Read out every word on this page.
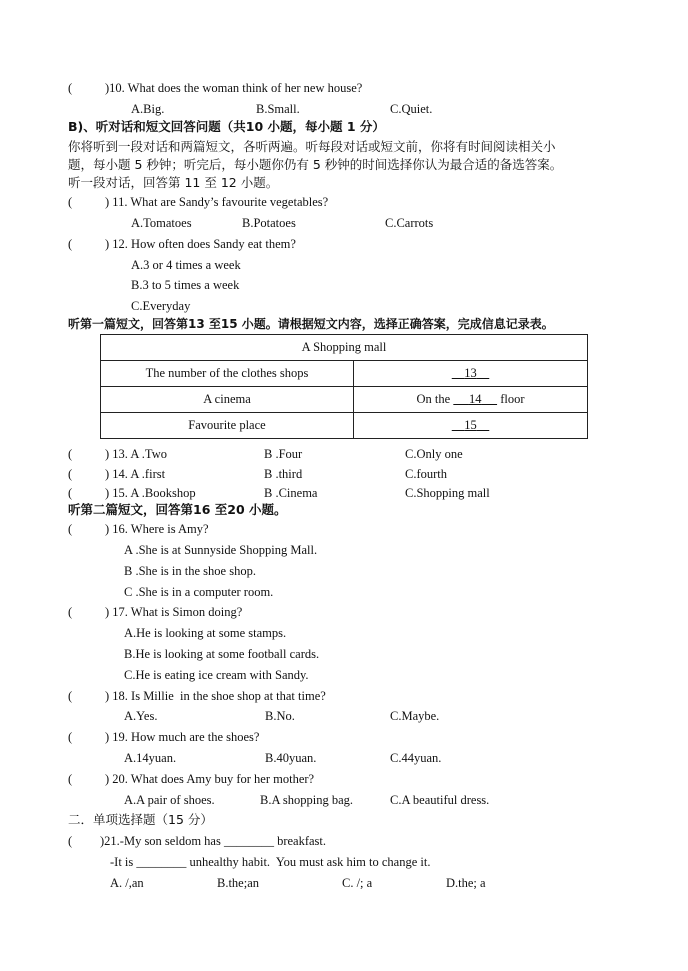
(	)10. What does the woman think of her new house?
A.Big.	B.Small.	C.Quiet.
B)、听对话和短文回答问题（共10 小题，每小题 1 分）
你将听到一段对话和两篇短文，各听两遍。听每段对话或短文前，你将有时间阅读相关小
题，每小题 5 秒钟；听完后，每小题你仍有 5 秒钟的时间选择你认为最合适的备选答案。
听一段对话，回答第 11 至 12 小题。
(	) 11. What are Sandy’s favourite vegetables?
A.Tomatoes	B.Potatoes	C.Carrots
(	) 12. How often does Sandy eat them?
A.3 or 4 times a week
B.3 to 5 times a week
C.Everyday
听第一篇短文，回答第13 至15 小题。请根据短文内容，选择正确答案，完成信息记录表。
A Shopping mall	
The number of the clothes shops	13
A cinema	On the 14 floor
Favourite place	15
(	) 13. A .Two	B .Four	C.Only one
(	) 14. A .first	B .third	C.fourth
(	) 15. A .Bookshop	B .Cinema	C.Shopping mall
听第二篇短文，回答第16 至20 小题。
(	) 16. Where is Amy?
A .She is at Sunnyside Shopping Mall.
B .She is in the shoe shop.
C .She is in a computer room.
(	) 17. What is Simon doing?
A.He is looking at some stamps.
B.He is looking at some football cards.
C.He is eating ice cream with Sandy.
(	) 18. Is Millie  in the shoe shop at that time?
A.Yes.	B.No.	C.Maybe.
(	) 19. How much are the shoes?
A.14yuan.	B.40yuan.	C.44yuan.
(	) 20. What does Amy buy for her mother?
A.A pair of shoes.	B.A shopping bag.	C.A beautiful dress.
二．单项选择题（15 分）
( )21.-My son seldom has ________ breakfast.
-It is ________ unhealthy habit.  You must ask him to change it.
A. /,an	B.the;an	C. /; a	D.the; a
